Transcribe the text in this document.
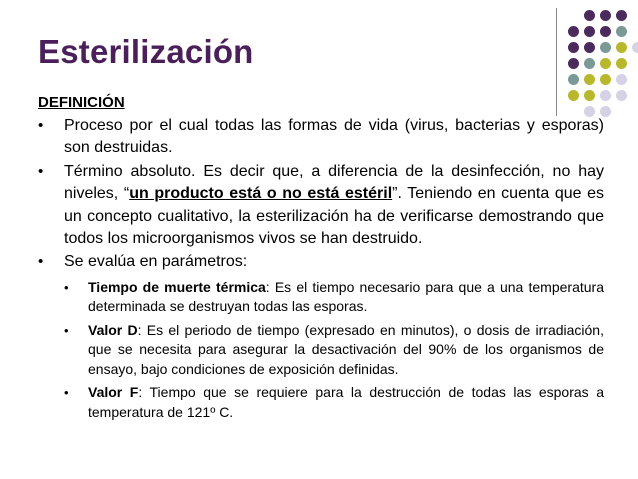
Esterilización
DEFINICIÓN
• Proceso por el cual todas las formas de vida (virus, bacterias y esporas) son destruidas.
• Término absoluto. Es decir que, a diferencia de la desinfección, no hay niveles, “un producto está o no está estéril”. Teniendo en cuenta que es un concepto cualitativo, la esterilización ha de verificarse demostrando que todos los microorganismos vivos se han destruido.
• Se evalúa en parámetros:
• Tiempo de muerte térmica: Es el tiempo necesario para que a una temperatura determinada se destruyan todas las esporas.
• Valor D: Es el periodo de tiempo (expresado en minutos), o dosis de irradiación, que se necesita para asegurar la desactivación del 90% de los organismos de ensayo, bajo condiciones de exposición definidas.
• Valor F: Tiempo que se requiere para la destrucción de todas las esporas a temperatura de 121º C.
